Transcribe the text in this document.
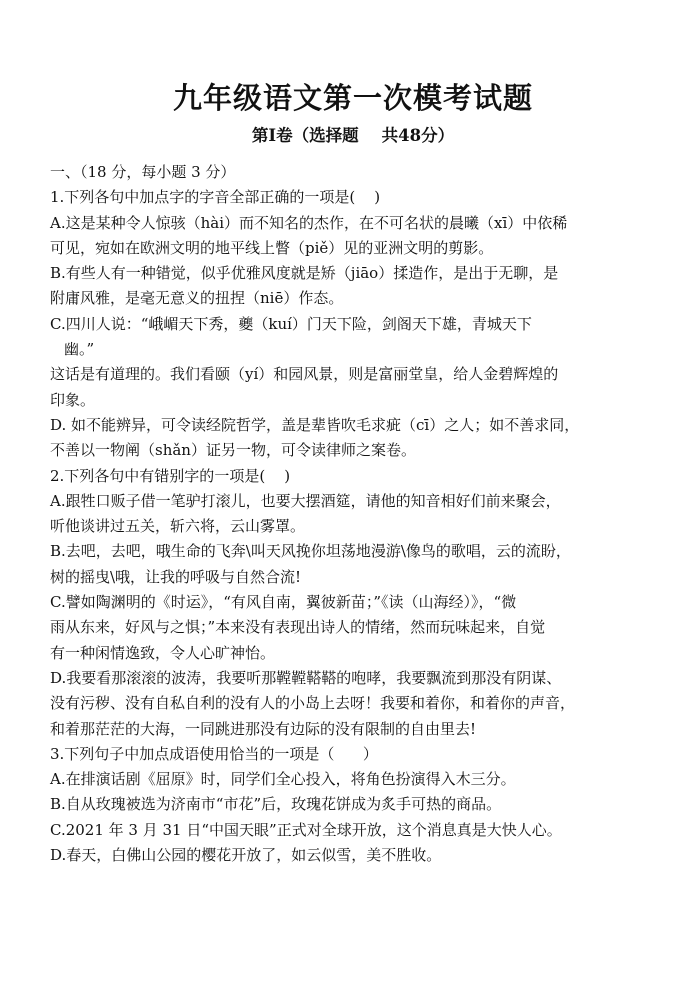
九年级语文第一次模考试题
第Ⅰ卷（选择题    共48分）

一、（18 分，每小题 3 分）

1.下列各句中加点字的字音全部正确的一项是(    )

A.这是某种令人惊骇（hài）而不知名的杰作，在不可名状的晨曦（xī）中依稀

可见，宛如在欧洲文明的地平线上瞥（piě）见的亚洲文明的剪影。

B.有些人有一种错觉，似乎优雅风度就是矫（jiāo）揉造作，是出于无聊，是

附庸风雅，是毫无意义的扭捏（niē）作态。

C.四川人说：“峨嵋天下秀，夔（kuí）门天下险，剑阁天下雄，青城天下

幽。”

这话是有道理的。我们看颐（yí）和园风景，则是富丽堂皇，给人金碧辉煌的

印象。

D. 如不能辨异，可令读经院哲学，盖是辈皆吹毛求疵（cī）之人；如不善求同，

不善以一物阐（shǎn）证另一物，可令读律师之案卷。

2.下列各句中有错别字的一项是(    )

A.跟牲口贩子借一笔驴打滚儿，也要大摆酒筵，请他的知音相好们前来聚会，

听他谈讲过五关，斩六将，云山雾罩。

B.去吧，去吧，哦生命的飞奔\叫天风挽你坦荡地漫游\像鸟的歌唱，云的流盼，

树的摇曳\哦，让我的呼吸与自然合流!

C.譬如陶渊明的《时运》，“有风自南，翼彼新苗；”《读（山海经）》，“微

雨从东来，好风与之惧；”本来没有表现出诗人的情绪，然而玩味起来，自觉

有一种闲情逸致，令人心旷神怡。

D.我要看那滚滚的波涛，我要听那鞺鞺鞳鞳的咆哮，我要飘流到那没有阴谋、

没有污秽、没有自私自利的没有人的小岛上去呀！我要和着你，和着你的声音，

和着那茫茫的大海，一同跳进那没有边际的没有限制的自由里去!

3.下列句子中加点成语使用恰当的一项是（      ）

A.在排演话剧《屈原》时，同学们全心投入，将角色扮演得入木三分。

B.自从玫瑰被选为济南市“市花”后，玫瑰花饼成为炙手可热的商品。

C.2021 年 3 月 31 日“中国天眼”正式对全球开放，这个消息真是大快人心。

D.春天，白佛山公园的樱花开放了，如云似雪，美不胜收。
